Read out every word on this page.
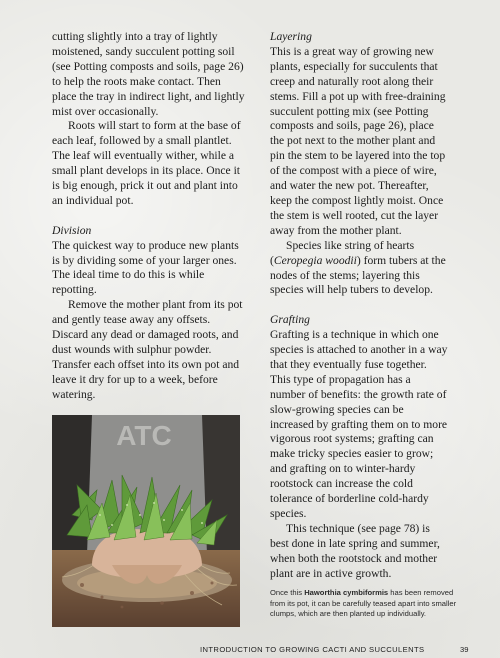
cutting slightly into a tray of lightly moistened, sandy succulent potting soil (see Potting composts and soils, page 26) to help the roots make contact. Then place the tray in indirect light, and lightly mist over occasionally.

Roots will start to form at the base of each leaf, followed by a small plantlet. The leaf will eventually wither, while a small plant develops in its place. Once it is big enough, prick it out and plant into an individual pot.

Division

The quickest way to produce new plants is by dividing some of your larger ones. The ideal time to do this is while repotting.

Remove the mother plant from its pot and gently tease away any offsets. Discard any dead or damaged roots, and dust wounds with sulphur powder. Transfer each offset into its own pot and leave it dry for up to a week, before watering.

Layering

This is a great way of growing new plants, especially for succulents that creep and naturally root along their stems. Fill a pot up with free-draining succulent potting mix (see Potting composts and soils, page 26), place the pot next to the mother plant and pin the stem to be layered into the top of the compost with a piece of wire, and water the new pot. Thereafter, keep the compost lightly moist. Once the stem is well rooted, cut the layer away from the mother plant.

Species like string of hearts (Ceropegia woodii) form tubers at the nodes of the stems; layering this species will help tubers to develop.

Grafting

Grafting is a technique in which one species is attached to another in a way that they eventually fuse together. This type of propagation has a number of benefits: the growth rate of slow-growing species can be increased by grafting them on to more vigorous root systems; grafting can make tricky species easier to grow; and grafting on to winter-hardy rootstock can increase the cold tolerance of borderline cold-hardy species.

This technique (see page 78) is best done in late spring and summer, when both the rootstock and mother plant are in active growth.

ATC
Once this Haworthia cymbiformis has been removed from its pot, it can be carefully teased apart into smaller clumps, which are then planted up individually.
INTRODUCTION TO GROWING CACTI AND SUCCULENTS	39
